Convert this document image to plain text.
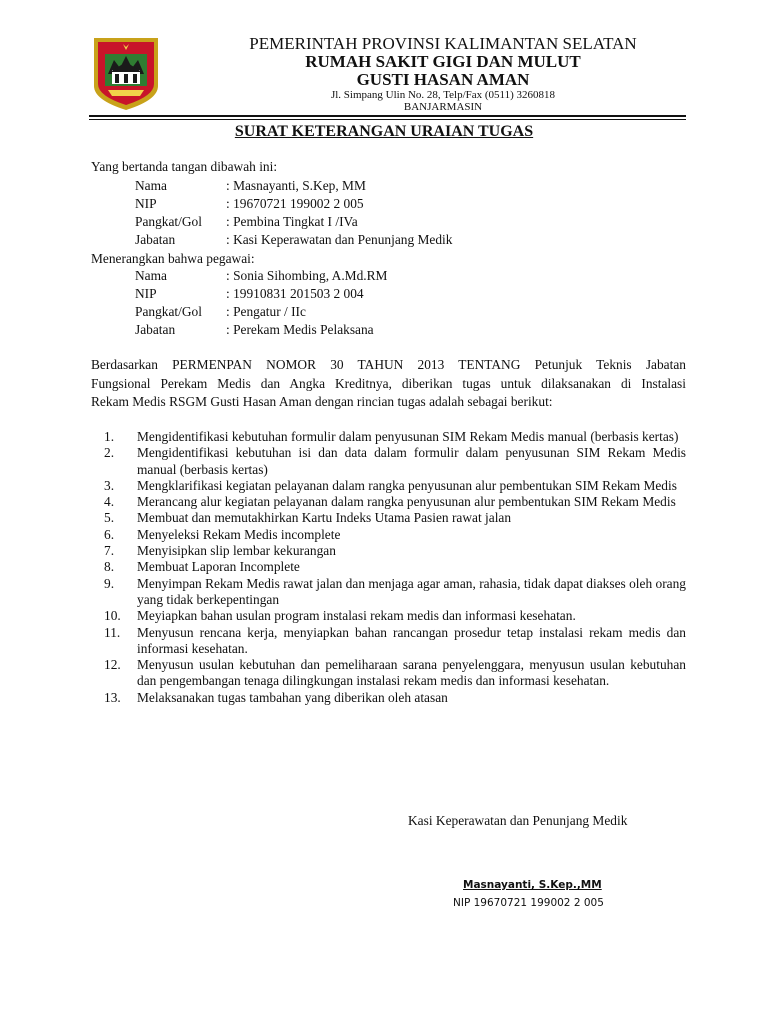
PEMERINTAH PROVINSI KALIMANTAN SELATAN
RUMAH SAKIT GIGI DAN MULUT
GUSTI HASAN AMAN
Jl. Simpang Ulin No. 28, Telp/Fax (0511) 3260818
BANJARMASIN
SURAT KETERANGAN URAIAN TUGAS
Yang bertanda tangan dibawah ini:
Nama	: Masnayanti, S.Kep, MM
NIP	: 19670721 199002 2 005
Pangkat/Gol : Pembina Tingkat I /IVa
Jabatan	: Kasi Keperawatan dan Penunjang Medik
Menerangkan bahwa pegawai:
Nama	: Sonia Sihombing, A.Md.RM
NIP	: 19910831 201503 2 004
Pangkat/Gol : Pengatur / IIc
Jabatan	: Perekam Medis Pelaksana
Berdasarkan PERMENPAN NOMOR 30 TAHUN 2013 TENTANG Petunjuk Teknis Jabatan
Fungsional Perekam Medis dan Angka Kreditnya, diberikan tugas untuk dilaksanakan di Instalasi
Rekam Medis RSGM Gusti Hasan Aman dengan rincian tugas adalah sebagai berikut:
1.	Mengidentifikasi kebutuhan formulir dalam penyusunan SIM Rekam Medis manual (berbasis kertas)
2.	Mengidentifikasi kebutuhan isi dan data dalam formulir dalam penyusunan SIM Rekam Medis manual (berbasis kertas)
3.	Mengklarifikasi kegiatan pelayanan dalam rangka penyusunan alur pembentukan SIM Rekam Medis
4.	Merancang alur kegiatan pelayanan dalam rangka penyusunan alur pembentukan SIM Rekam Medis
5.	Membuat dan memutakhirkan Kartu Indeks Utama Pasien rawat jalan
6.	Menyeleksi Rekam Medis incomplete
7.	Menyisipkan slip lembar kekurangan
8.	Membuat Laporan Incomplete
9.	Menyimpan Rekam Medis rawat jalan dan menjaga agar aman, rahasia, tidak dapat diakses oleh orang yang tidak berkepentingan
10.	Meyiapkan bahan usulan program instalasi rekam medis dan informasi kesehatan.
11.	Menyusun rencana kerja, menyiapkan bahan rancangan prosedur tetap instalasi rekam medis dan informasi kesehatan.
12.	Menyusun usulan kebutuhan dan pemeliharaan sarana penyelenggara, menyusun usulan kebutuhan dan pengembangan tenaga dilingkungan instalasi rekam medis dan informasi kesehatan.
13.	Melaksanakan tugas tambahan yang diberikan oleh atasan
Kasi Keperawatan dan Penunjang Medik
Masnayanti, S.Kep.,MM
NIP 19670721 199002 2 005
